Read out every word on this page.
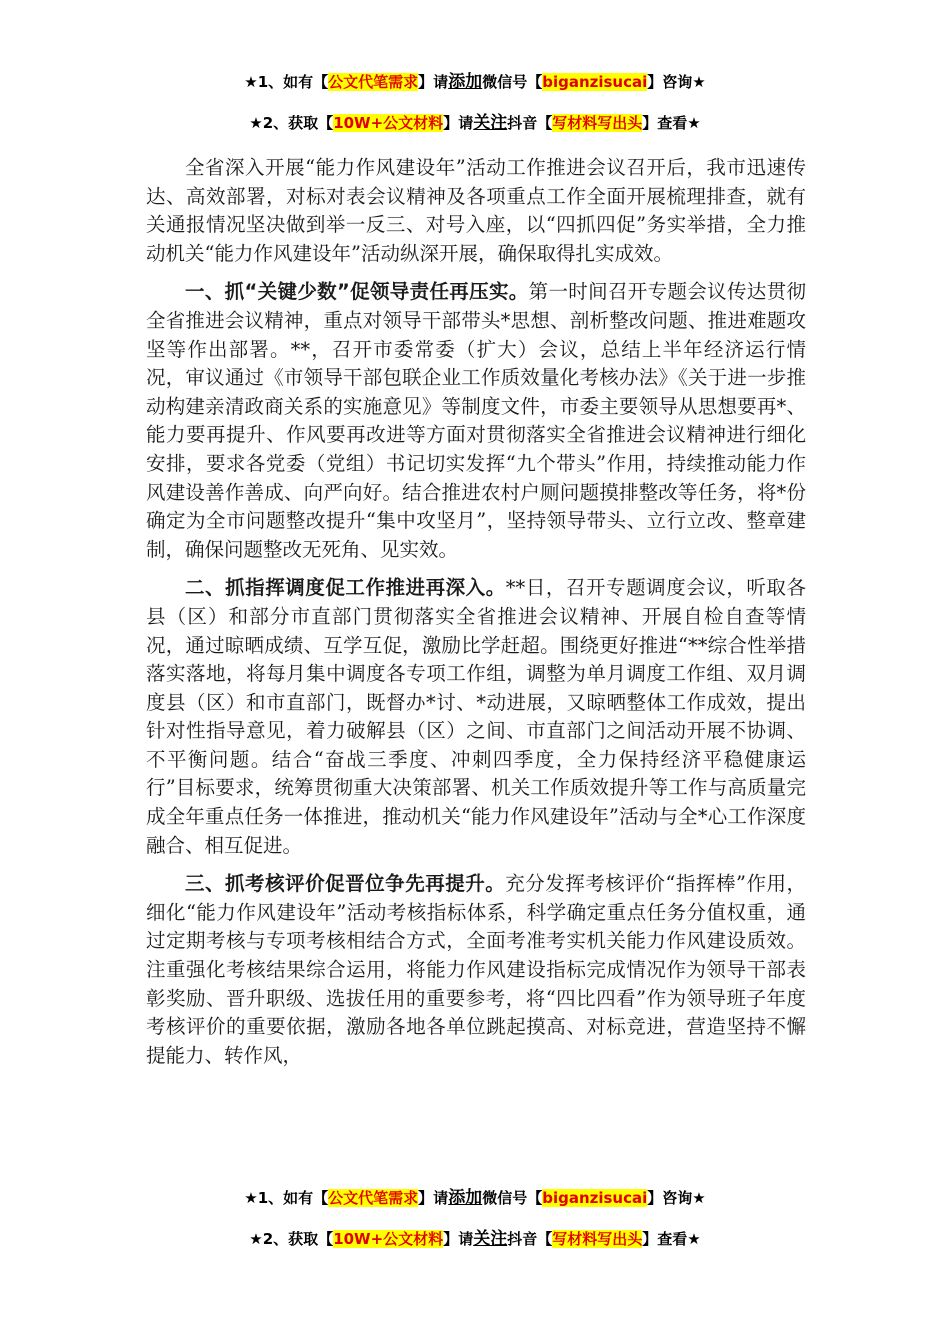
★1、如有【公文代笔需求】请添加微信号【biganzisucai】咨询★
★2、获取【10W+公文材料】请关注抖音【写材料写出头】查看★

全省深入开展“能力作风建设年”活动工作推进会议召开后，我市迅速传达、高效部署，对标对表会议精神及各项重点工作全面开展梳理排查，就有关通报情况坚决做到举一反三、对号入座，以“四抓四促”务实举措，全力推动机关“能力作风建设年”活动纵深开展，确保取得扎实成效。

一、抓“关键少数”促领导责任再压实。第一时间召开专题会议传达贯彻全省推进会议精神，重点对领导干部带头*思想、剖析整改问题、推进难题攻坚等作出部署。**，召开市委常委（扩大）会议，总结上半年经济运行情况，审议通过《市领导干部包联企业工作质效量化考核办法》《关于进一步推动构建亲清政商关系的实施意见》等制度文件，市委主要领导从思想要再*、能力要再提升、作风要再改进等方面对贯彻落实全省推进会议精神进行细化安排，要求各党委（党组）书记切实发挥“九个带头”作用，持续推动能力作风建设善作善成、向严向好。结合推进农村户厕问题摸排整改等任务，将*份确定为全市问题整改提升“集中攻坚月”，坚持领导带头、立行立改、整章建制，确保问题整改无死角、见实效。

二、抓指挥调度促工作推进再深入。**日，召开专题调度会议，听取各县（区）和部分市直部门贯彻落实全省推进会议精神、开展自检自查等情况，通过晾晒成绩、互学互促，激励比学赶超。围绕更好推进“**综合性举措落实落地，将每月集中调度各专项工作组，调整为单月调度工作组、双月调度县（区）和市直部门，既督办*讨、*动进展，又晾晒整体工作成效，提出针对性指导意见，着力破解县（区）之间、市直部门之间活动开展不协调、不平衡问题。结合“奋战三季度、冲刺四季度，全力保持经济平稳健康运行”目标要求，统筹贯彻重大决策部署、机关工作质效提升等工作与高质量完成全年重点任务一体推进，推动机关“能力作风建设年”活动与全*心工作深度融合、相互促进。

三、抓考核评价促晋位争先再提升。充分发挥考核评价“指挥棒”作用，细化“能力作风建设年”活动考核指标体系，科学确定重点任务分值权重，通过定期考核与专项考核相结合方式，全面考准考实机关能力作风建设质效。注重强化考核结果综合运用，将能力作风建设指标完成情况作为领导干部表彰奖励、晋升职级、选拔任用的重要参考，将“四比四看”作为领导班子年度考核评价的重要依据，激励各地各单位跳起摸高、对标竞进，营造坚持不懈提能力、转作风，

★1、如有【公文代笔需求】请添加微信号【biganzisucai】咨询★
★2、获取【10W+公文材料】请关注抖音【写材料写出头】查看★
